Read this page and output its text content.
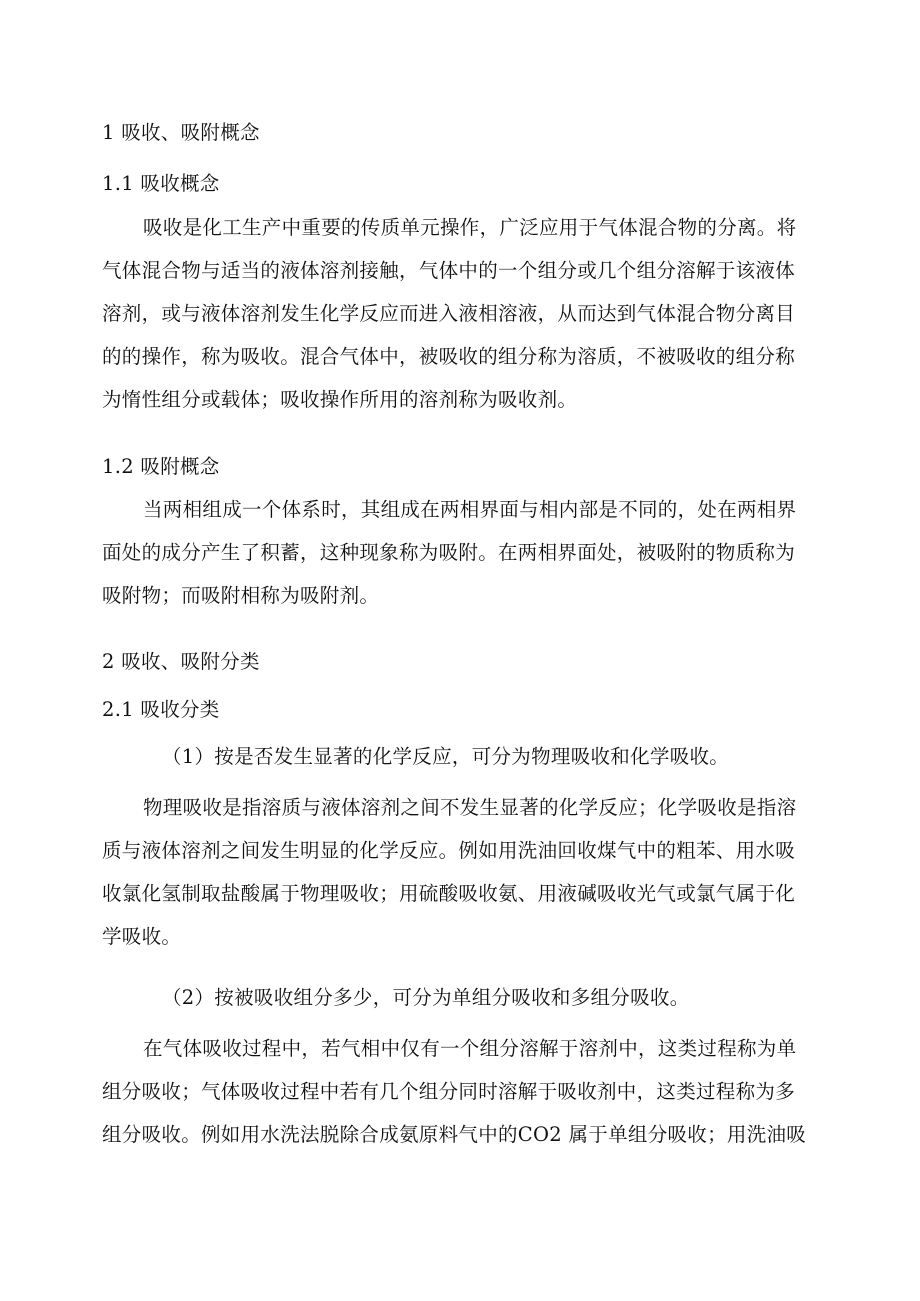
1 吸收、吸附概念
1.1 吸收概念
吸收是化工生产中重要的传质单元操作，广泛应用于气体混合物的分离。将
气体混合物与适当的液体溶剂接触，气体中的一个组分或几个组分溶解于该液体
溶剂，或与液体溶剂发生化学反应而进入液相溶液，从而达到气体混合物分离目
的的操作，称为吸收。混合气体中，被吸收的组分称为溶质，不被吸收的组分称
为惰性组分或载体；吸收操作所用的溶剂称为吸收剂。
1.2 吸附概念
当两相组成一个体系时，其组成在两相界面与相内部是不同的，处在两相界
面处的成分产生了积蓄，这种现象称为吸附。在两相界面处，被吸附的物质称为
吸附物；而吸附相称为吸附剂。
2 吸收、吸附分类
2.1 吸收分类
（1）按是否发生显著的化学反应，可分为物理吸收和化学吸收。
物理吸收是指溶质与液体溶剂之间不发生显著的化学反应；化学吸收是指溶
质与液体溶剂之间发生明显的化学反应。例如用洗油回收煤气中的粗苯、用水吸
收氯化氢制取盐酸属于物理吸收；用硫酸吸收氨、用液碱吸收光气或氯气属于化
学吸收。
（2）按被吸收组分多少，可分为单组分吸收和多组分吸收。
在气体吸收过程中，若气相中仅有一个组分溶解于溶剂中，这类过程称为单
组分吸收；气体吸收过程中若有几个组分同时溶解于吸收剂中，这类过程称为多
组分吸收。例如用水洗法脱除合成氨原料气中的CO2 属于单组分吸收；用洗油吸
